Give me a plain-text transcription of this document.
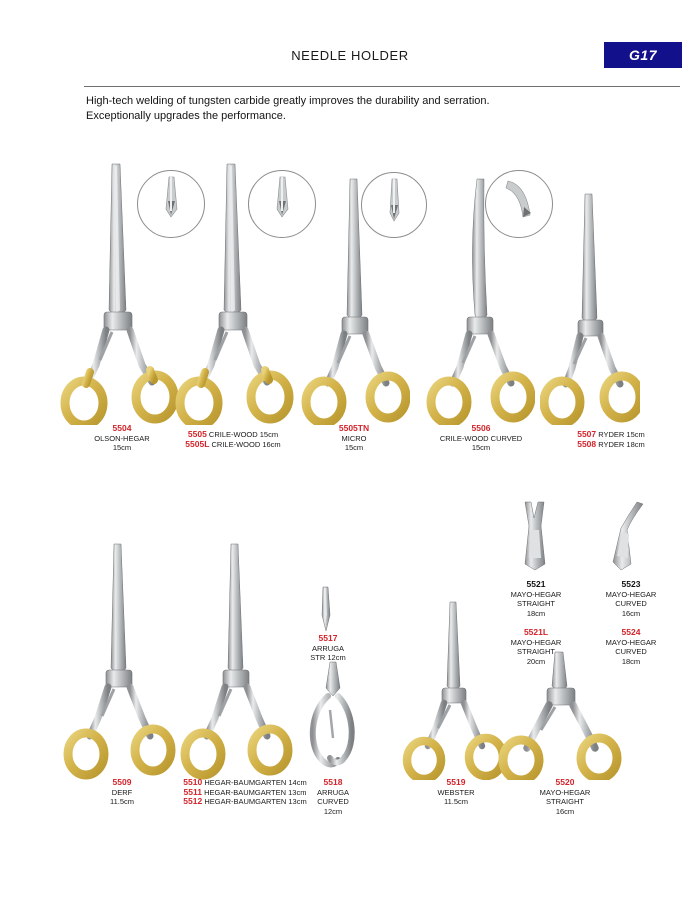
NEEDLE HOLDER	G17
High-tech welding of tungsten carbide greatly improves the durability and serration.
Exceptionally upgrades the performance.
5504
OLSON-HEGAR
15cm
5505 CRILE-WOOD 15cm
5505L CRILE-WOOD 16cm
5505TN
MICRO
15cm
5506
CRILE-WOOD CURVED
15cm
5507 RYDER 15cm
5508 RYDER 18cm
5509
DERF
11.5cm
5510 HEGAR-BAUMGARTEN 14cm
5511 HEGAR-BAUMGARTEN 13cm
5512 HEGAR-BAUMGARTEN 13cm
5517
ARRUGA
STR 12cm
5518
ARRUGA
CURVED
12cm
5519
WEBSTER
11.5cm
5520
MAYO-HEGAR
STRAIGHT
16cm
5521
MAYO-HEGAR
STRAIGHT
18cm
5521L
MAYO-HEGAR
STRAIGHT
20cm
5523
MAYO-HEGAR
CURVED
16cm
5524
MAYO-HEGAR
CURVED
18cm
